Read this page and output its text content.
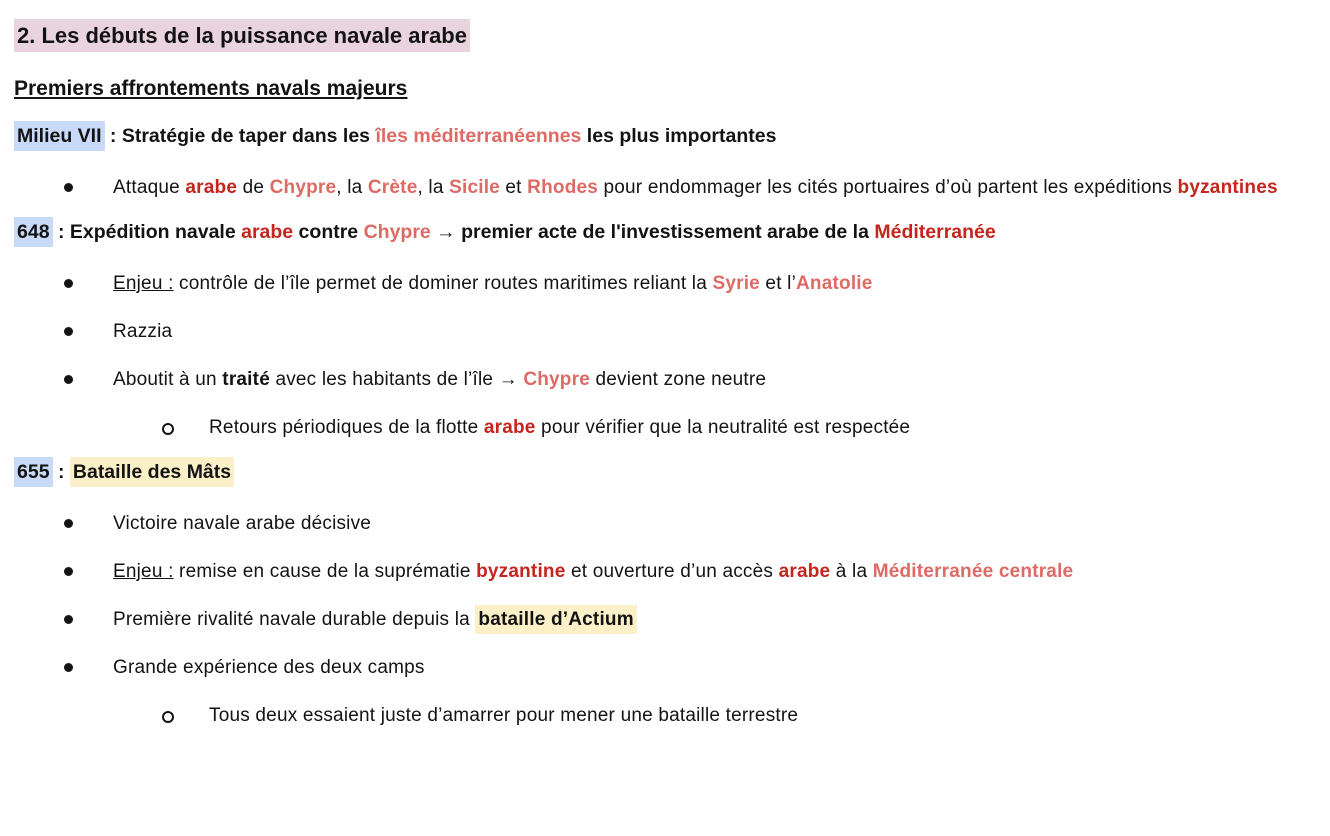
2. Les débuts de la puissance navale arabe
Premiers affrontements navals majeurs
Milieu VII : Stratégie de taper dans les îles méditerranéennes les plus importantes
Attaque arabe de Chypre, la Crète, la Sicile et Rhodes pour endommager les cités portuaires d’où partent les expéditions byzantines
648 : Expédition navale arabe contre Chypre → premier acte de l'investissement arabe de la Méditerranée
Enjeu : contrôle de l’île permet de dominer routes maritimes reliant la Syrie et l’Anatolie
Razzia
Aboutit à un traité avec les habitants de l’île → Chypre devient zone neutre
Retours périodiques de la flotte arabe pour vérifier que la neutralité est respectée
655 : Bataille des Mâts
Victoire navale arabe décisive
Enjeu : remise en cause de la suprématie byzantine et ouverture d’un accès arabe à la Méditerranée centrale
Première rivalité navale durable depuis la bataille d’Actium
Grande expérience des deux camps
Tous deux essaient juste d’amarrer pour mener une bataille terrestre
